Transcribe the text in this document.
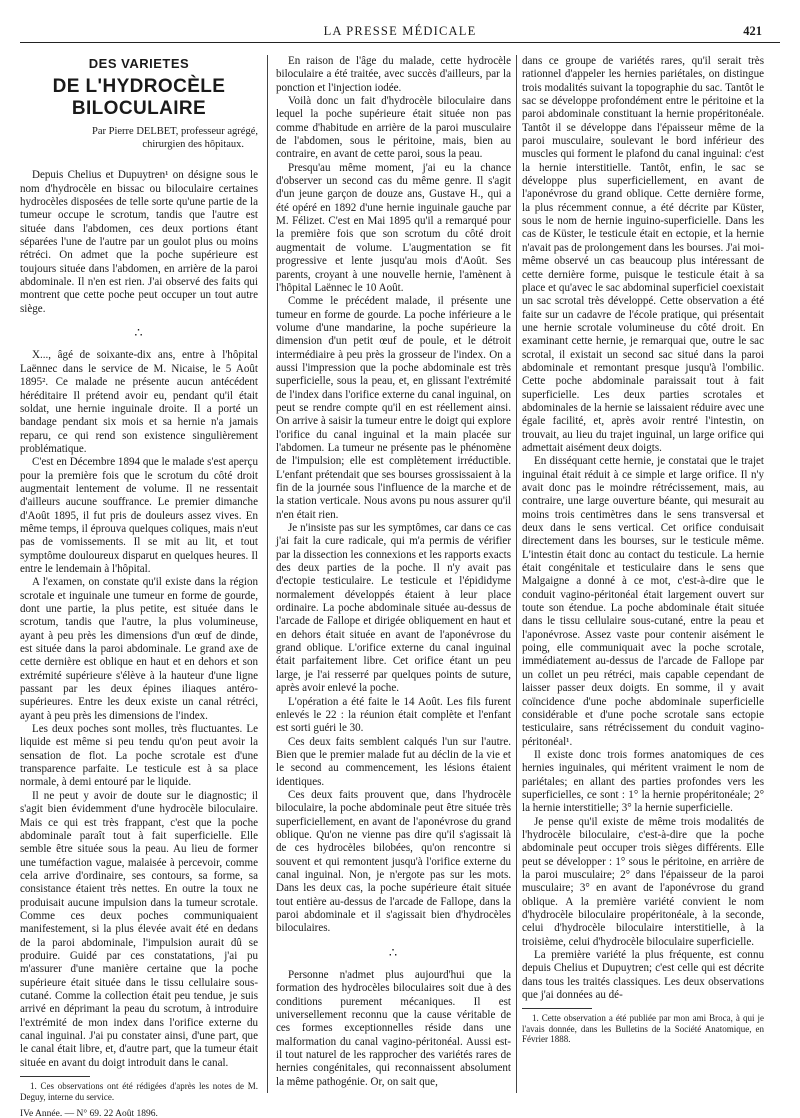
LA PRESSE MÉDICALE	421

DES VARIETES

DE L'HYDROCÈLE BILOCULAIRE

Par Pierre DELBET, professeur agrégé,

chirurgien des hôpitaux.

Depuis Chelius et Dupuytren¹ on désigne sous le nom d'hydrocèle en bissac ou biloculaire certaines hydrocèles disposées de telle sorte qu'une partie de la tumeur occupe le scrotum, tandis que l'autre est située dans l'abdomen, ces deux portions étant séparées l'une de l'autre par un goulot plus ou moins rétréci. On admet que la poche supérieure est toujours située dans l'abdomen, en arrière de la paroi abdominale. Il n'en est rien. J'ai observé des faits qui montrent que cette poche peut occuper un tout autre siège.

∴

X..., âgé de soixante-dix ans, entre à l'hôpital Laënnec dans le service de M. Nicaise, le 5 Août 1895². Ce malade ne présente aucun antécédent héréditaire Il prétend avoir eu, pendant qu'il était soldat, une hernie inguinale droite. Il a porté un bandage pendant six mois et sa hernie n'a jamais reparu, ce qui rend son existence singulièrement problématique.

C'est en Décembre 1894 que le malade s'est aperçu pour la première fois que le scrotum du côté droit augmentait lentement de volume. Il ne ressentait d'ailleurs aucune souffrance. Le premier dimanche d'Août 1895, il fut pris de douleurs assez vives. En même temps, il éprouva quelques coliques, mais n'eut pas de vomissements. Il se mit au lit, et tout symptôme douloureux disparut en quelques heures. Il entre le lendemain à l'hôpital.

A l'examen, on constate qu'il existe dans la région scrotale et inguinale une tumeur en forme de gourde, dont une partie, la plus petite, est située dans le scrotum, tandis que l'autre, la plus volumineuse, ayant à peu près les dimensions d'un œuf de dinde, est située dans la paroi abdominale. Le grand axe de cette dernière est oblique en haut et en dehors et son extrémité supérieure s'élève à la hauteur d'une ligne passant par les deux épines iliaques antéro-supérieures. Entre les deux existe un canal rétréci, ayant à peu près les dimensions de l'index.

Les deux poches sont molles, très fluctuantes. Le liquide est même si peu tendu qu'on peut avoir la sensation de flot. La poche scrotale est d'une transparence parfaite. Le testicule est à sa place normale, à demi entouré par le liquide.

Il ne peut y avoir de doute sur le diagnostic; il s'agit bien évidemment d'une hydrocèle biloculaire. Mais ce qui est très frappant, c'est que la poche abdominale paraît tout à fait superficielle. Elle semble être située sous la peau. Au lieu de former une tuméfaction vague, malaisée à percevoir, comme cela arrive d'ordinaire, ses contours, sa forme, sa consistance étaient très nettes. En outre la toux ne produisait aucune impulsion dans la tumeur scrotale. Comme ces deux poches communiquaient manifestement, si la plus élevée avait été en dedans de la paroi abdominale, l'impulsion aurait dû se produire. Guidé par ces constatations, j'ai pu m'assurer d'une manière certaine que la poche supérieure était située dans le tissu cellulaire sous-cutané. Comme la collection était peu tendue, je suis arrivé en déprimant la peau du scrotum, à introduire l'extrémité de mon index dans l'orifice externe du canal inguinal. J'ai pu constater ainsi, d'une part, que le canal était libre, et, d'autre part, que la tumeur était située en avant du doigt introduit dans le canal.

1. Ces observations ont été rédigées d'après les notes de M. Deguy, interne du service.

IVe Année. — N° 69. 22 Août 1896.

En raison de l'âge du malade, cette hydrocèle biloculaire a été traitée, avec succès d'ailleurs, par la ponction et l'injection iodée.

Voilà donc un fait d'hydrocèle biloculaire dans lequel la poche supérieure était située non pas comme d'habitude en arrière de la paroi musculaire de l'abdomen, sous le péritoine, mais, bien au contraire, en avant de cette paroi, sous la peau.

Presqu'au même moment, j'ai eu la chance d'observer un second cas du même genre. Il s'agit d'un jeune garçon de douze ans, Gustave H., qui a été opéré en 1892 d'une hernie inguinale gauche par M. Félizet. C'est en Mai 1895 qu'il a remarqué pour la première fois que son scrotum du côté droit augmentait de volume. L'augmentation se fit progressive et lente jusqu'au mois d'Août. Ses parents, croyant à une nouvelle hernie, l'amènent à l'hôpital Laënnec le 10 Août.

Comme le précédent malade, il présente une tumeur en forme de gourde. La poche inférieure a le volume d'une mandarine, la poche supérieure la dimension d'un petit œuf de poule, et le détroit intermédiaire à peu près la grosseur de l'index. On a aussi l'impression que la poche abdominale est très superficielle, sous la peau, et, en glissant l'extrémité de l'index dans l'orifice externe du canal inguinal, on peut se rendre compte qu'il en est réellement ainsi. On arrive à saisir la tumeur entre le doigt qui explore l'orifice du canal inguinal et la main placée sur l'abdomen. La tumeur ne présente pas le phénomène de l'impulsion; elle est complètement irréductible. L'enfant prétendait que ses bourses grossissaient à la fin de la journée sous l'influence de la marche et de la station verticale. Nous avons pu nous assurer qu'il n'en était rien.

Je n'insiste pas sur les symptômes, car dans ce cas j'ai fait la cure radicale, qui m'a permis de vérifier par la dissection les connexions et les rapports exacts des deux parties de la poche. Il n'y avait pas d'ectopie testiculaire. Le testicule et l'épididyme normalement développés étaient à leur place ordinaire. La poche abdominale située au-dessus de l'arcade de Fallope et dirigée obliquement en haut et en dehors était située en avant de l'aponévrose du grand oblique. L'orifice externe du canal inguinal était parfaitement libre. Cet orifice étant un peu large, je l'ai resserré par quelques points de suture, après avoir enlevé la poche.

L'opération a été faite le 14 Août. Les fils furent enlevés le 22 : la réunion était complète et l'enfant est sorti guéri le 30.

Ces deux faits semblent calqués l'un sur l'autre. Bien que le premier malade fut au déclin de la vie et le second au commencement, les lésions étaient identiques.

Ces deux faits prouvent que, dans l'hydrocèle biloculaire, la poche abdominale peut être située très superficiellement, en avant de l'aponévrose du grand oblique. Qu'on ne vienne pas dire qu'il s'agissait là de ces hydrocèles bilobées, qu'on rencontre si souvent et qui remontent jusqu'à l'orifice externe du canal inguinal. Non, je n'ergote pas sur les mots. Dans les deux cas, la poche supérieure était située tout entière au-dessus de l'arcade de Fallope, dans la paroi abdominale et il s'agissait bien d'hydrocèles biloculaires.

∴

Personne n'admet plus aujourd'hui que la formation des hydrocèles biloculaires soit due à des conditions purement mécaniques. Il est universellement reconnu que la cause véritable de ces formes exceptionnelles réside dans une malformation du canal vagino-péritonéal. Aussi est-il tout naturel de les rapprocher des variétés rares de hernies congénitales, qui reconnaissent absolument la même pathogénie. Or, on sait que,

dans ce groupe de variétés rares, qu'il serait très rationnel d'appeler les hernies pariétales, on distingue trois modalités suivant la topographie du sac. Tantôt le sac se développe profondément entre le péritoine et la paroi abdominale constituant la hernie propéritonéale. Tantôt il se développe dans l'épaisseur même de la paroi musculaire, soulevant le bord inférieur des muscles qui forment le plafond du canal inguinal: c'est la hernie interstitielle. Tantôt, enfin, le sac se développe plus superficiellement, en avant de l'aponévrose du grand oblique. Cette dernière forme, la plus récemment connue, a été décrite par Küster, sous le nom de hernie inguino-superficielle. Dans les cas de Küster, le testicule était en ectopie, et la hernie n'avait pas de prolongement dans les bourses. J'ai moi-même observé un cas beaucoup plus intéressant de cette dernière forme, puisque le testicule était à sa place et qu'avec le sac abdominal superficiel coexistait un sac scrotal très développé. Cette observation a été faite sur un cadavre de l'école pratique, qui présentait une hernie scrotale volumineuse du côté droit. En examinant cette hernie, je remarquai que, outre le sac scrotal, il existait un second sac situé dans la paroi abdominale et remontant presque jusqu'à l'ombilic. Cette poche abdominale paraissait tout à fait superficielle. Les deux parties scrotales et abdominales de la hernie se laissaient réduire avec une égale facilité, et, après avoir rentré l'intestin, on trouvait, au lieu du trajet inguinal, un large orifice qui admettait aisément deux doigts.

En disséquant cette hernie, je constatai que le trajet inguinal était réduit à ce simple et large orifice. Il n'y avait donc pas le moindre rétrécissement, mais, au contraire, une large ouverture béante, qui mesurait au moins trois centimètres dans le sens transversal et deux dans le sens vertical. Cet orifice conduisait directement dans les bourses, sur le testicule même. L'intestin était donc au contact du testicule. La hernie était congénitale et testiculaire dans le sens que Malgaigne a donné à ce mot, c'est-à-dire que le conduit vagino-péritonéal était largement ouvert sur toute son étendue. La poche abdominale était située dans le tissu cellulaire sous-cutané, entre la peau et l'aponévrose. Assez vaste pour contenir aisément le poing, elle communiquait avec la poche scrotale, immédiatement au-dessus de l'arcade de Fallope par un collet un peu rétréci, mais capable cependant de laisser passer deux doigts. En somme, il y avait coïncidence d'une poche abdominale superficielle considérable et d'une poche scrotale sans ectopie testiculaire, sans rétrécissement du conduit vagino-péritonéal¹.

Il existe donc trois formes anatomiques de ces hernies inguinales, qui méritent vraiment le nom de pariétales; en allant des parties profondes vers les superficielles, ce sont : 1° la hernie propéritonéale; 2° la hernie interstitielle; 3° la hernie superficielle.

Je pense qu'il existe de même trois modalités de l'hydrocèle biloculaire, c'est-à-dire que la poche abdominale peut occuper trois sièges différents. Elle peut se développer : 1° sous le péritoine, en arrière de la paroi musculaire; 2° dans l'épaisseur de la paroi musculaire; 3° en avant de l'aponévrose du grand oblique. A la première variété convient le nom d'hydrocèle biloculaire propéritonéale, à la seconde, celui d'hydrocèle biloculaire interstitielle, à la troisième, celui d'hydrocèle biloculaire superficielle.

La première variété la plus fréquente, est connu depuis Chelius et Dupuytren; c'est celle qui est décrite dans tous les traités classiques. Les deux observations que j'ai données au dé-

1. Cette observation a été publiée par mon ami Broca, à qui je l'avais donnée, dans les Bulletins de la Société Anatomique, en Février 1888.
